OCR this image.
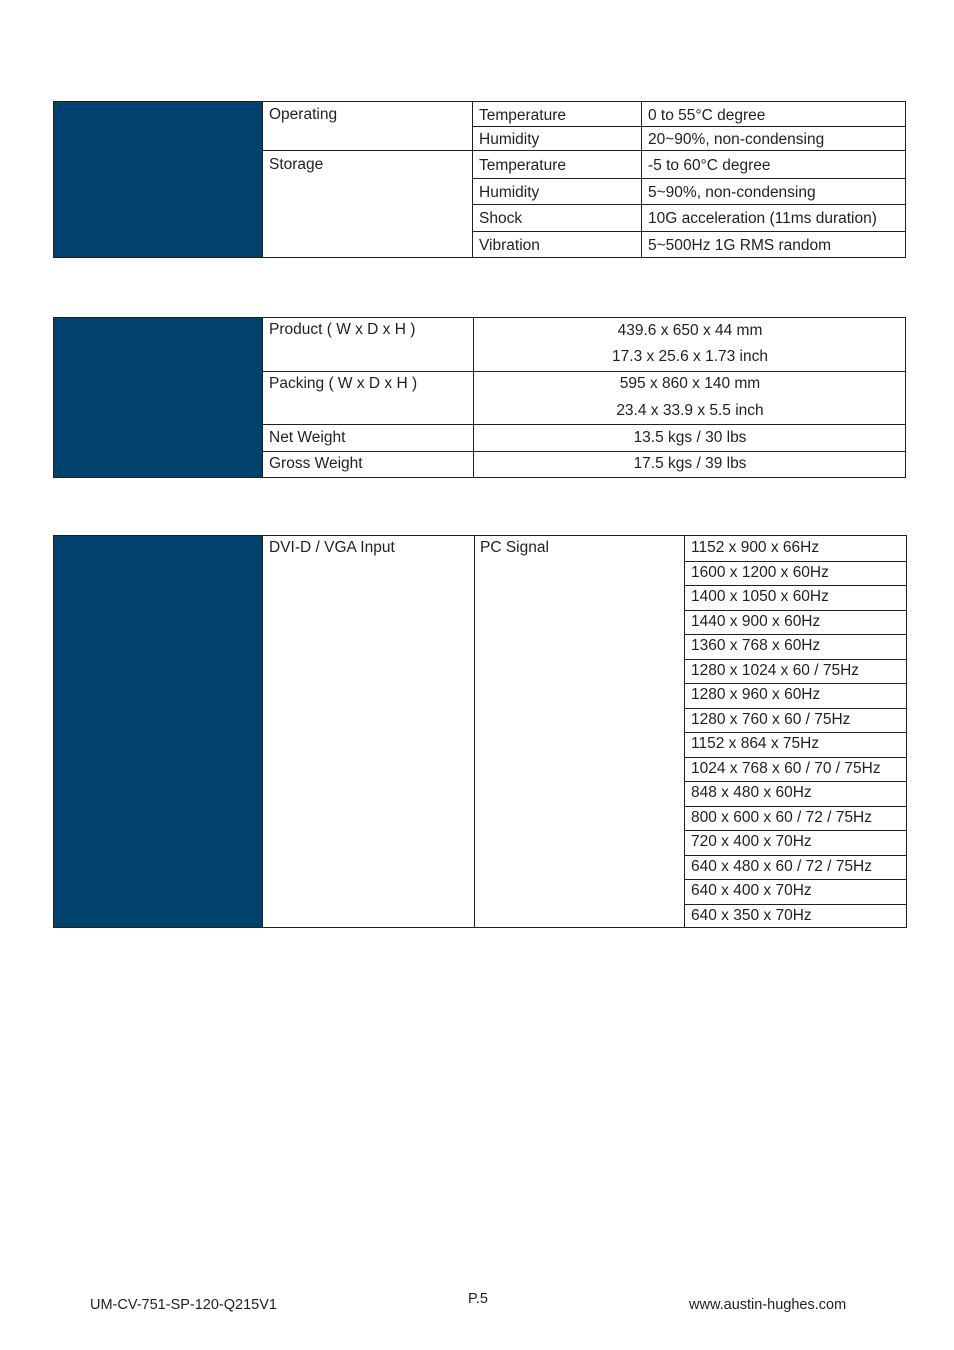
Operating	Temperature	0 to 55°C degree
Humidity	20~90%, non-condensing
Storage	Temperature	-5 to 60°C degree
Humidity	5~90%, non-condensing
Shock	10G acceleration (11ms duration)
Vibration	5~500Hz 1G RMS random
Product ( W x D x H )	439.6 x 650 x 44 mm
17.3 x 25.6 x 1.73 inch
Packing ( W x D x H )	595 x 860 x 140 mm
23.4 x 33.9 x 5.5 inch
Net Weight	13.5 kgs / 30 lbs
Gross Weight	17.5 kgs / 39 lbs
DVI-D / VGA Input	PC Signal	1152 x 900 x 66Hz
1600 x 1200 x 60Hz
1400 x 1050 x 60Hz
1440 x 900 x 60Hz
1360 x 768 x 60Hz
1280 x 1024 x 60 / 75Hz
1280 x 960 x 60Hz
1280 x 760 x 60 / 75Hz
1152 x 864 x 75Hz
1024 x 768 x 60 / 70 / 75Hz
848 x 480 x 60Hz
800 x 600 x 60 / 72 / 75Hz
720 x 400 x 70Hz
640 x 480 x 60 / 72 / 75Hz
640 x 400 x 70Hz
640 x 350 x 70Hz
UM-CV-751-SP-120-Q215V1	P.5	www.austin-hughes.com
